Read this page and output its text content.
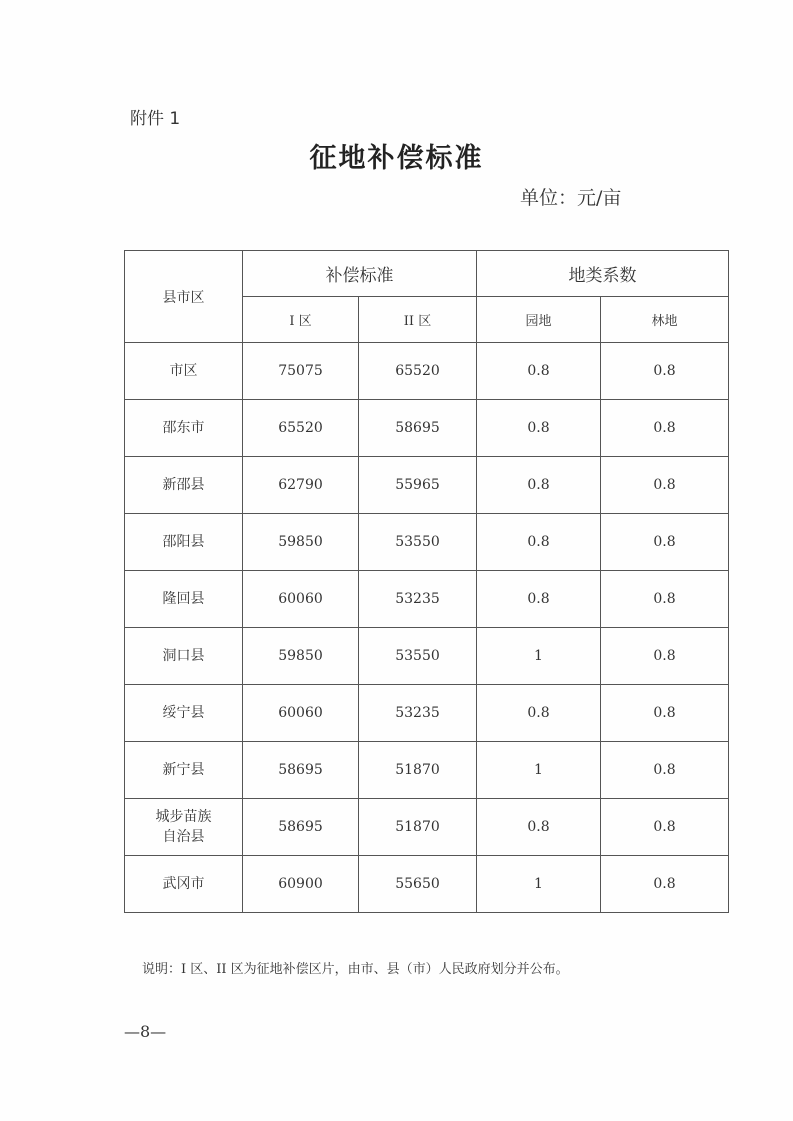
附件 1
征地补偿标准
单位：元/亩
县市区	补偿标准		地类系数	
	I 区	II 区	园地	林地
市区	75075	65520	0.8	0.8
邵东市	65520	58695	0.8	0.8
新邵县	62790	55965	0.8	0.8
邵阳县	59850	53550	0.8	0.8
隆回县	60060	53235	0.8	0.8
洞口县	59850	53550	1	0.8
绥宁县	60060	53235	0.8	0.8
新宁县	58695	51870	1	0.8
城步苗族
自治县	58695	51870	0.8	0.8
武冈市	60900	55650	1	0.8
说明：I 区、II 区为征地补偿区片，由市、县（市）人民政府划分并公布。
—8—
